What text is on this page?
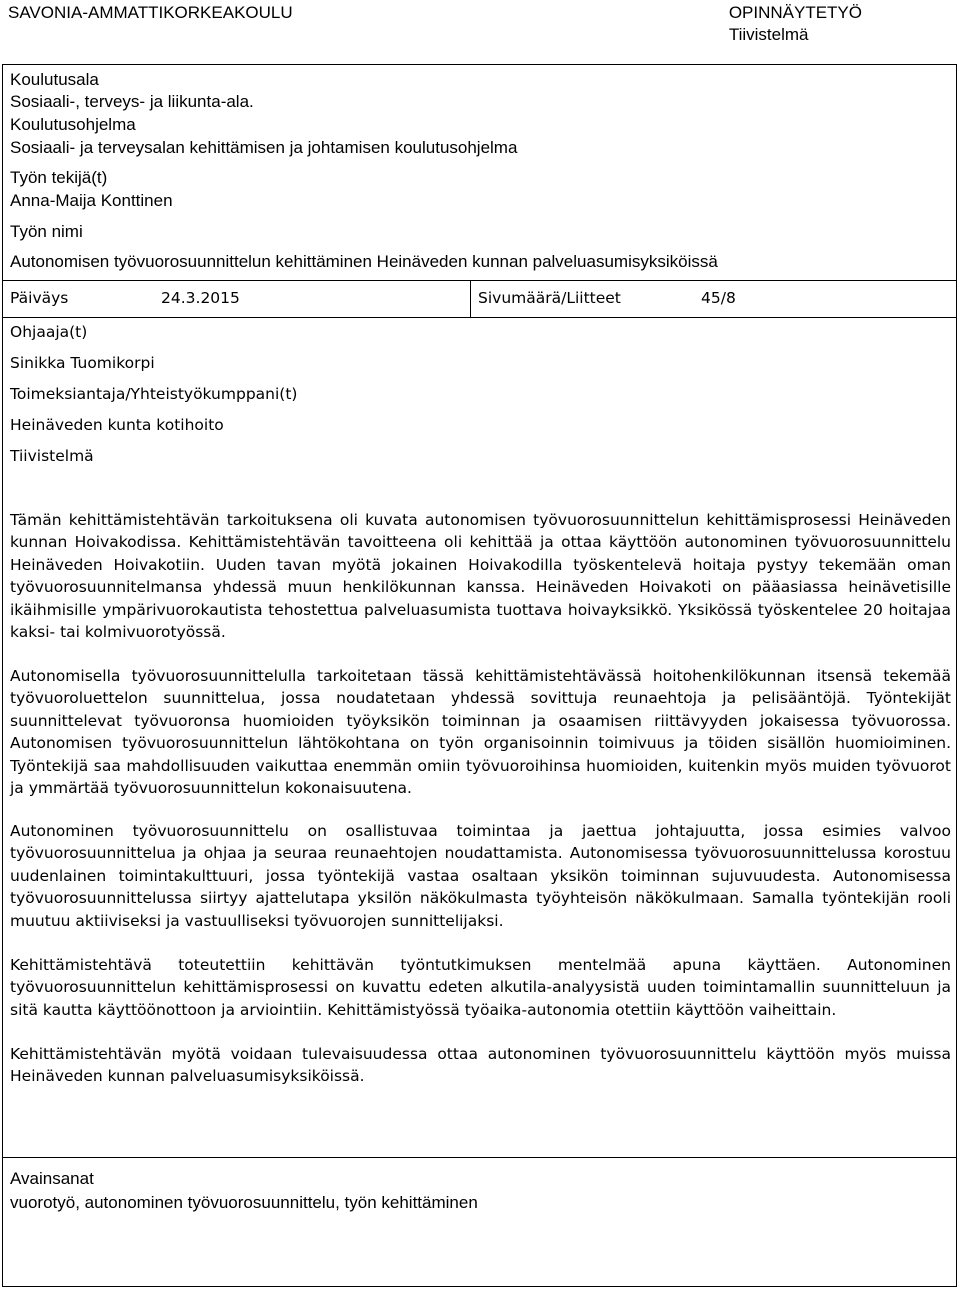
SAVONIA-AMMATTIKORKEAKOULU	OPINNÄYTETYÖ
Tiivistelmä
Koulutusala
Sosiaali-, terveys- ja liikunta-ala.
Koulutusohjelma
Sosiaali- ja terveysalan kehittämisen ja johtamisen koulutusohjelma
Työn tekijä(t)
Anna-Maija Konttinen
Työn nimi
Autonomisen työvuorosuunnittelun kehittäminen Heinäveden kunnan palveluasumisyksiköissä
Päiväys	24.3.2015	Sivumäärä/Liitteet	45/8
Ohjaaja(t)
Sinikka Tuomikorpi
Toimeksiantaja/Yhteistyökumppani(t)
Heinäveden kunta kotihoito
Tiivistelmä
Tämän kehittämistehtävän tarkoituksena oli kuvata autonomisen työvuorosuunnittelun kehittämisprosessi Heinäveden kunnan Hoivakodissa. Kehittämistehtävän tavoitteena oli kehittää ja ottaa käyttöön autonominen työvuorosuunnittelu Heinäveden Hoivakotiin. Uuden tavan myötä jokainen Hoivakodilla työskentelevä hoitaja pystyy tekemään oman työvuorosuunnitelmansa yhdessä muun henkilökunnan kanssa. Heinäveden Hoivakoti on pääasiassa heinävetisille ikäihmisille ympärivuorokautista tehostettua palveluasumista tuottava hoivayksikkö. Yksikössä työskentelee 20 hoitajaa kaksi- tai kolmivuorotyössä.
Autonomisella työvuorosuunnittelulla tarkoitetaan tässä kehittämistehtävässä hoitohenkilökunnan itsensä tekemää työvuoroluettelon suunnittelua, jossa noudatetaan yhdessä sovittuja reunaehtoja ja pelisääntöjä. Työntekijät suunnittelevat työvuoronsa huomioiden työyksikön toiminnan ja osaamisen riittävyyden jokaisessa työvuorossa. Autonomisen työvuorosuunnittelun lähtökohtana on työn organisoinnin toimivuus ja töiden sisällön huomioiminen. Työntekijä saa mahdollisuuden vaikuttaa enemmän omiin työvuoroihinsa huomioiden, kuitenkin myös muiden työvuorot ja ymmärtää työvuorosuunnittelun kokonaisuutena.
Autonominen työvuorosuunnittelu on osallistuvaa toimintaa ja jaettua johtajuutta, jossa esimies valvoo työvuorosuunnittelua ja ohjaa ja seuraa reunaehtojen noudattamista. Autonomisessa työvuorosuunnittelussa korostuu uudenlainen toimintakulttuuri, jossa työntekijä vastaa osaltaan yksikön toiminnan sujuvuudesta. Autonomisessa työvuorosuunnittelussa siirtyy ajattelutapa yksilön näkökulmasta työyhteisön näkökulmaan. Samalla työntekijän rooli muutuu aktiiviseksi ja vastuulliseksi työvuorojen sunnittelijaksi.
Kehittämistehtävä toteutettiin kehittävän työntutkimuksen mentelmää apuna käyttäen. Autonominen työvuorosuunnittelun kehittämisprosessi on kuvattu edeten alkutila-analyysistä uuden toimintamallin suunnitteluun ja sitä kautta käyttöönottoon ja arviointiin. Kehittämistyössä työaika-autonomia otettiin käyttöön vaiheittain.
Kehittämistehtävän myötä voidaan tulevaisuudessa ottaa autonominen työvuorosuunnittelu käyttöön myös muissa Heinäveden kunnan palveluasumisyksiköissä.
Avainsanat
vuorotyö, autonominen työvuorosuunnittelu, työn kehittäminen
